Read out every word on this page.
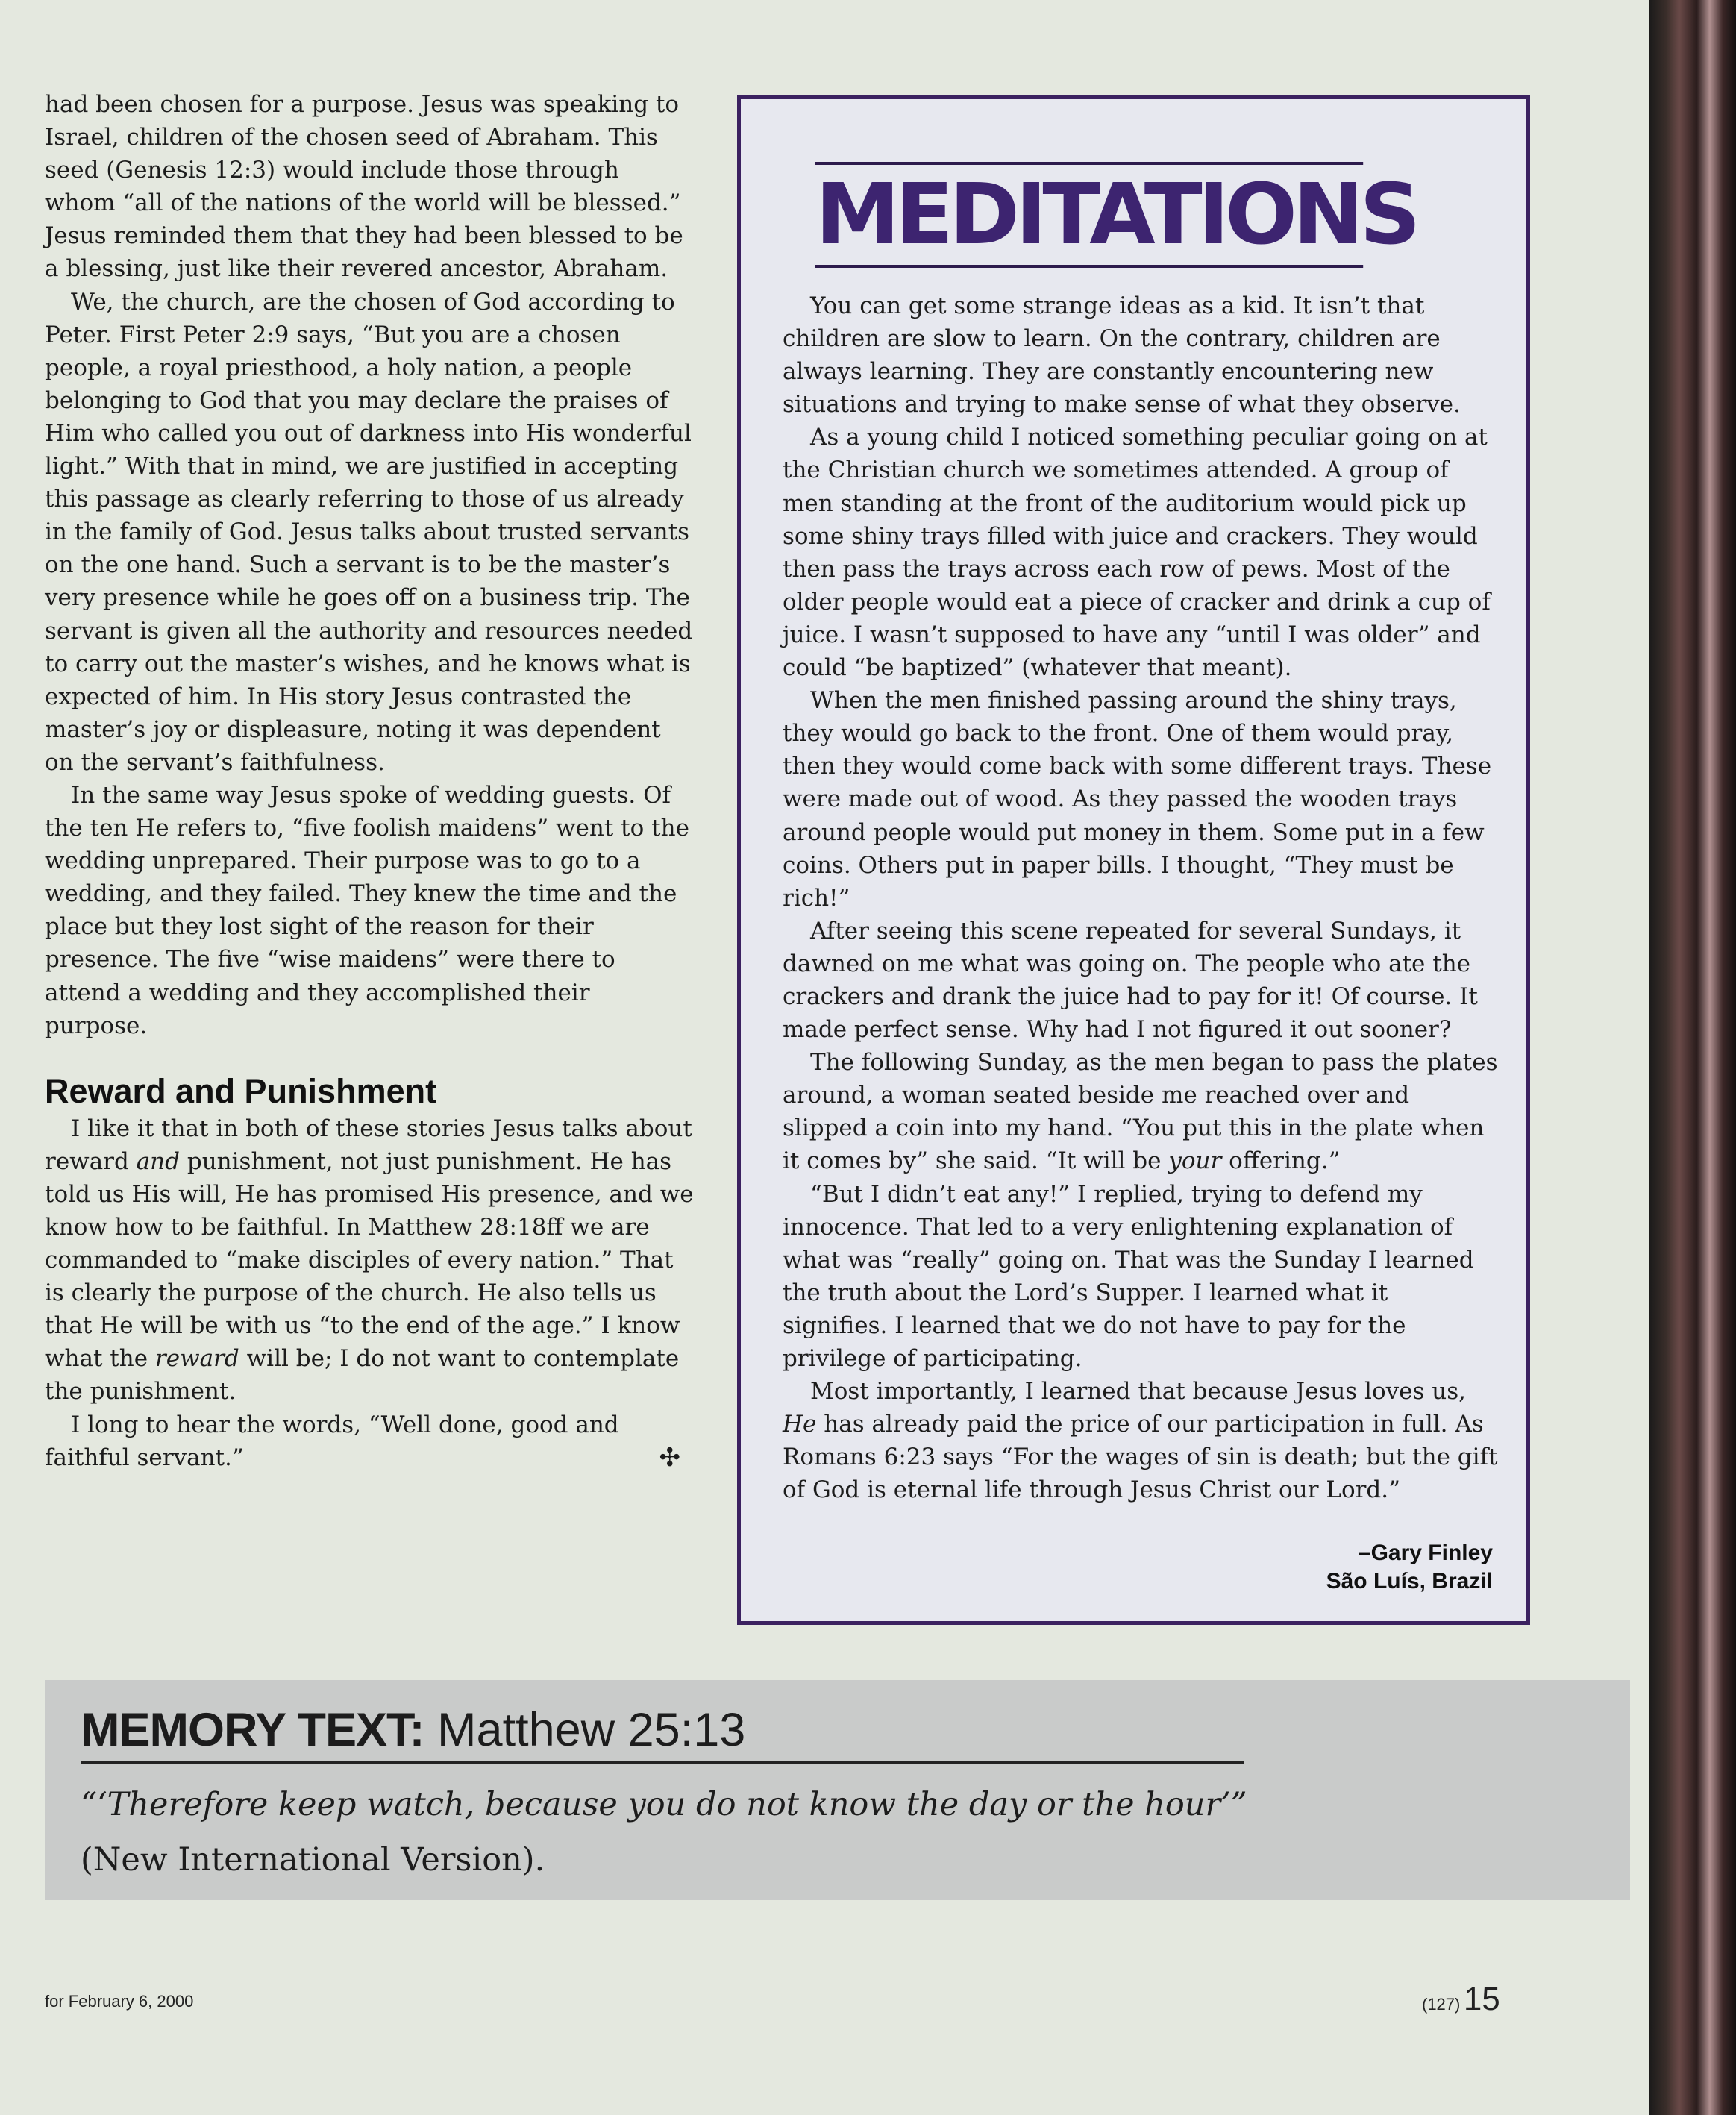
had been chosen for a purpose. Jesus was speaking to Israel, children of the chosen seed of Abraham. This seed (Genesis 12:3) would include those through whom “all of the nations of the world will be blessed.” Jesus reminded them that they had been blessed to be a blessing, just like their revered ancestor, Abraham.

We, the church, are the chosen of God according to Peter. First Peter 2:9 says, “But you are a chosen people, a royal priesthood, a holy nation, a people belonging to God that you may declare the praises of Him who called you out of darkness into His wonderful light.” With that in mind, we are justified in accepting this passage as clearly referring to those of us already in the family of God. Jesus talks about trusted servants on the one hand. Such a servant is to be the master’s very presence while he goes off on a business trip. The servant is given all the authority and resources needed to carry out the master’s wishes, and he knows what is expected of him. In His story Jesus contrasted the master’s joy or displeasure, noting it was dependent on the servant’s faithfulness.

In the same way Jesus spoke of wedding guests. Of the ten He refers to, “five foolish maidens” went to the wedding unprepared. Their purpose was to go to a wedding, and they failed. They knew the time and the place but they lost sight of the reason for their presence. The five “wise maidens” were there to attend a wedding and they accomplished their purpose.

Reward and Punishment

I like it that in both of these stories Jesus talks about reward and punishment, not just punishment. He has told us His will, He has promised His presence, and we know how to be faithful. In Matthew 28:18ff we are commanded to “make disciples of every nation.” That is clearly the purpose of the church. He also tells us that He will be with us “to the end of the age.” I know what the reward will be; I do not want to contemplate the punishment.

I long to hear the words, “Well done, good and faithful servant.”	✣

MEDITATIONS

You can get some strange ideas as a kid. It isn’t that children are slow to learn. On the contrary, children are always learning. They are constantly encountering new situations and trying to make sense of what they observe.

As a young child I noticed something peculiar going on at the Christian church we sometimes attended. A group of men standing at the front of the auditorium would pick up some shiny trays filled with juice and crackers. They would then pass the trays across each row of pews. Most of the older people would eat a piece of cracker and drink a cup of juice. I wasn’t supposed to have any “until I was older” and could “be baptized” (whatever that meant).

When the men finished passing around the shiny trays, they would go back to the front. One of them would pray, then they would come back with some different trays. These were made out of wood. As they passed the wooden trays around people would put money in them. Some put in a few coins. Others put in paper bills. I thought, “They must be rich!”

After seeing this scene repeated for several Sundays, it dawned on me what was going on. The people who ate the crackers and drank the juice had to pay for it! Of course. It made perfect sense. Why had I not figured it out sooner?

The following Sunday, as the men began to pass the plates around, a woman seated beside me reached over and slipped a coin into my hand. “You put this in the plate when it comes by” she said. “It will be your offering.”

“But I didn’t eat any!” I replied, trying to defend my innocence. That led to a very enlightening explanation of what was “really” going on. That was the Sunday I learned the truth about the Lord’s Supper. I learned what it signifies. I learned that we do not have to pay for the privilege of participating.

Most importantly, I learned that because Jesus loves us, He has already paid the price of our participation in full. As Romans 6:23 says “For the wages of sin is death; but the gift of God is eternal life through Jesus Christ our Lord.”

–Gary Finley
São Luís, Brazil
MEMORY TEXT: Matthew 25:13
“‘Therefore keep watch, because you do not know the day or the hour’”
(New International Version).
for February 6, 2000	(127) 15
